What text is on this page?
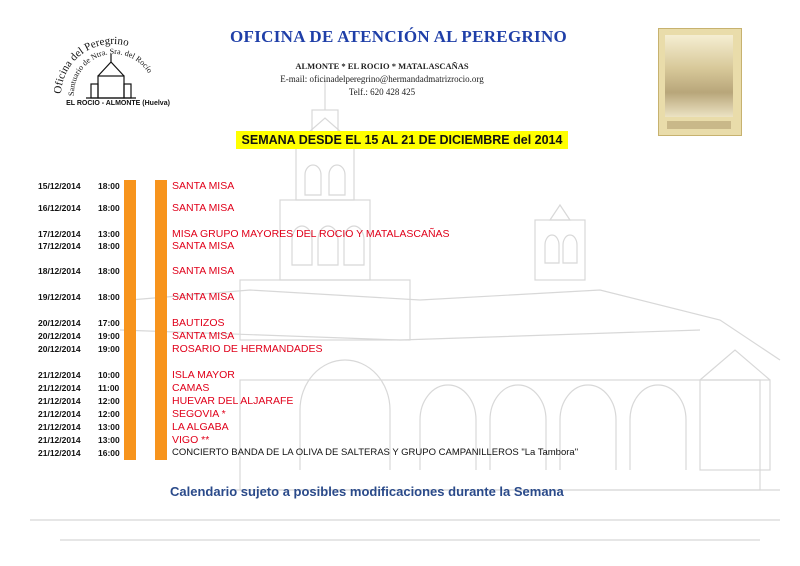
Oficina del Peregrino
Santuario de Ntra. Sra. del Rocío
EL ROCIO - ALMONTE (Huelva)
OFICINA DE ATENCIÓN AL PEREGRINO
ALMONTE * EL ROCIO * MATALASCAÑAS
E-mail: oficinadelperegrino@hermandadmatrizrocio.org
Telf.: 620 428 425
SEMANA DESDE EL 15 AL 21 DE DICIEMBRE del 2014
15/12/2014 18:00	SANTA MISA
16/12/2014 18:00	SANTA MISA
17/12/2014 13:00	MISA GRUPO MAYORES DEL ROCIO Y MATALASCAÑAS
17/12/2014 18:00	SANTA MISA
18/12/2014 18:00	SANTA MISA
19/12/2014 18:00	SANTA MISA
20/12/2014 17:00	BAUTIZOS
20/12/2014 19:00	SANTA MISA
20/12/2014 19:00	ROSARIO DE HERMANDADES
21/12/2014 10:00	ISLA MAYOR
21/12/2014 11:00	CAMAS
21/12/2014 12:00	HUEVAR DEL ALJARAFE
21/12/2014 12:00	SEGOVIA *
21/12/2014 13:00	LA ALGABA
21/12/2014 13:00	VIGO **
21/12/2014 16:00	CONCIERTO BANDA DE LA OLIVA DE SALTERAS Y GRUPO CAMPANILLEROS "La Tambora"
Calendario sujeto a posibles modificaciones durante la Semana
